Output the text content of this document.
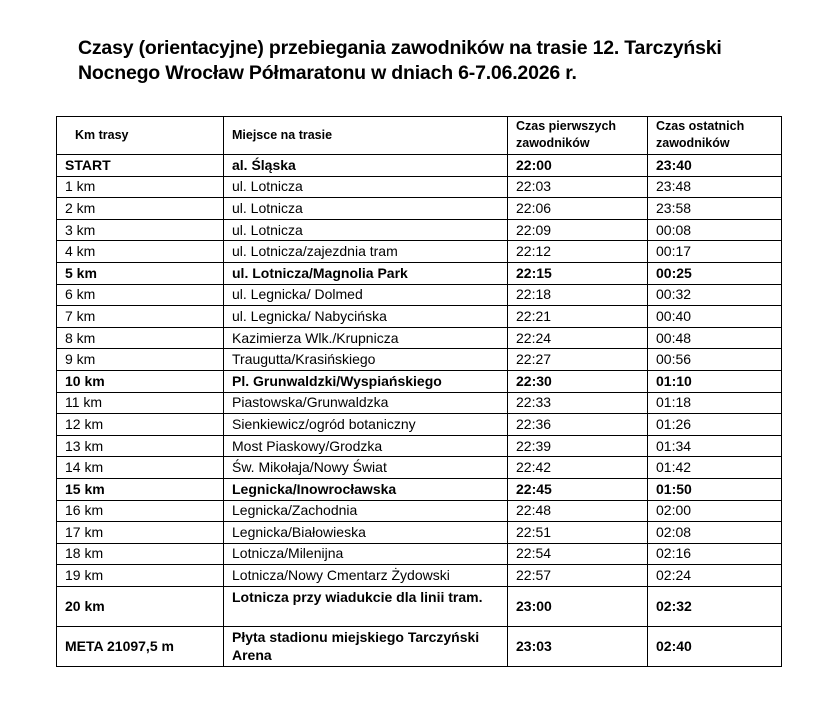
Czasy (orientacyjne) przebiegania zawodników na trasie 12. Tarczyński Nocnego Wrocław Półmaratonu w dniach 6-7.06.2026 r.
Km trasy	Miejsce na trasie	Czas pierwszych zawodników	Czas ostatnich zawodników
START	al. Śląska	22:00	23:40
1 km	ul. Lotnicza	22:03	23:48
2 km	ul. Lotnicza	22:06	23:58
3 km	ul. Lotnicza	22:09	00:08
4 km	ul. Lotnicza/zajezdnia tram	22:12	00:17
5 km	ul. Lotnicza/Magnolia Park	22:15	00:25
6 km	ul. Legnicka/ Dolmed	22:18	00:32
7 km	ul. Legnicka/ Nabycińska	22:21	00:40
8 km	Kazimierza Wlk./Krupnicza	22:24	00:48
9 km	Traugutta/Krasińskiego	22:27	00:56
10 km	Pl. Grunwaldzki/Wyspiańskiego	22:30	01:10
11 km	Piastowska/Grunwaldzka	22:33	01:18
12 km	Sienkiewicz/ogród botaniczny	22:36	01:26
13 km	Most Piaskowy/Grodzka	22:39	01:34
14 km	Św. Mikołaja/Nowy Świat	22:42	01:42
15 km	Legnicka/Inowrocławska	22:45	01:50
16 km	Legnicka/Zachodnia	22:48	02:00
17 km	Legnicka/Białowieska	22:51	02:08
18 km	Lotnicza/Milenijna	22:54	02:16
19 km	Lotnicza/Nowy Cmentarz Żydowski	22:57	02:24
20 km	Lotnicza przy wiadukcie dla linii tram.	23:00	02:32
META 21097,5 m	Płyta stadionu miejskiego Tarczyński Arena	23:03	02:40
